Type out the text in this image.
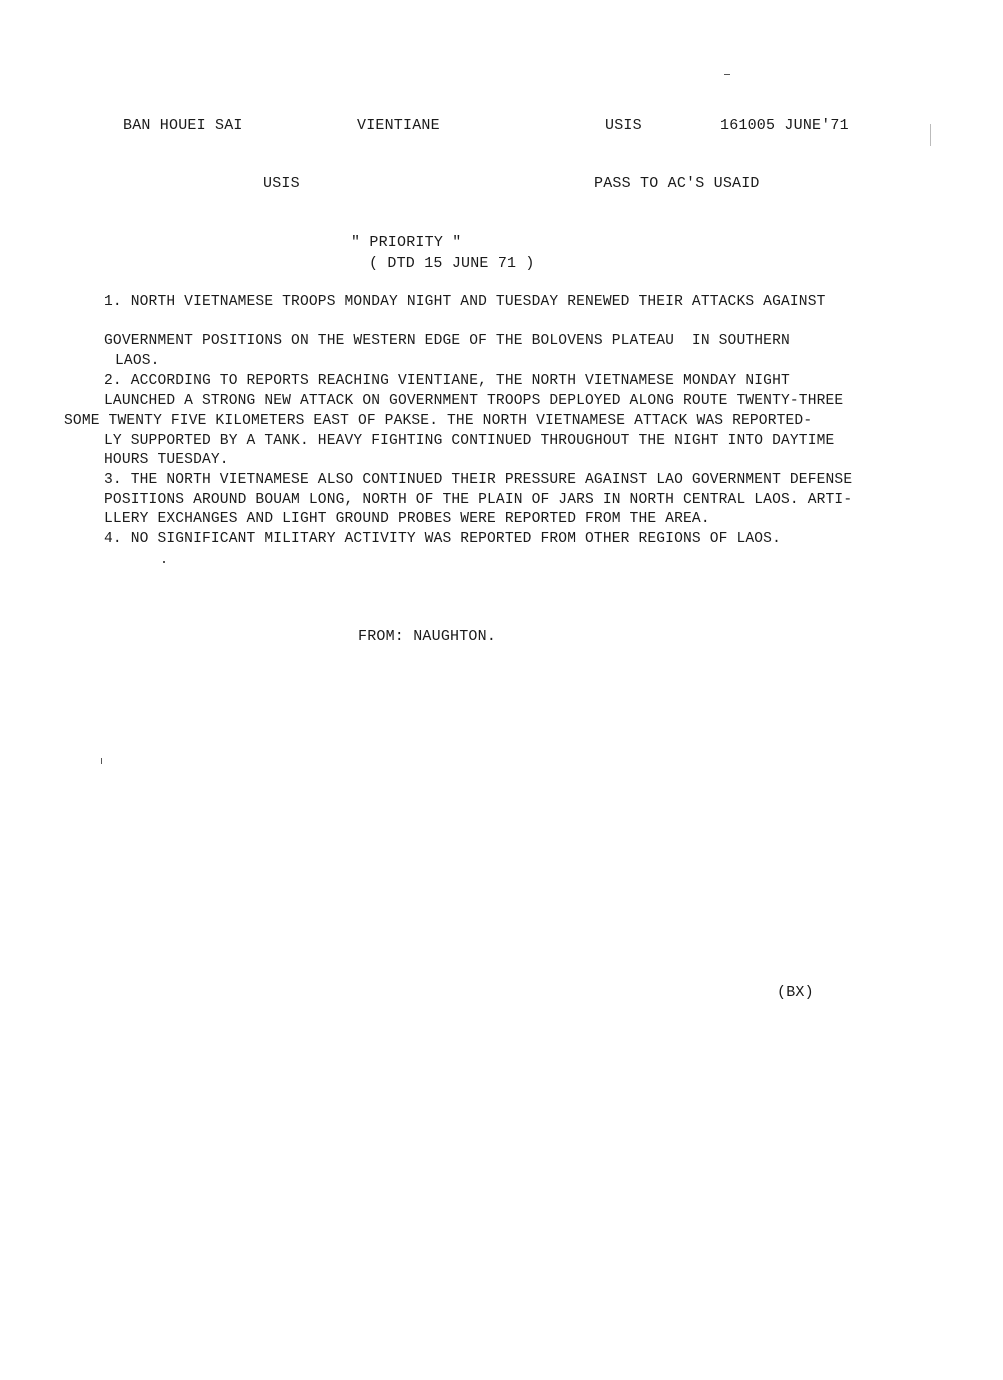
BAN HOUEI SAI	VIENTIANE	USIS	161005 JUNE'71
USIS	PASS TO AC'S USAID
" PRIORITY "
( DTD 15 JUNE 71 )
1. NORTH VIETNAMESE TROOPS MONDAY NIGHT AND TUESDAY RENEWED THEIR ATTACKS AGAINST
GOVERNMENT POSITIONS ON THE WESTERN EDGE OF THE BOLOVENS PLATEAU  IN SOUTHERN
LAOS.
2. ACCORDING TO REPORTS REACHING VIENTIANE, THE NORTH VIETNAMESE MONDAY NIGHT
LAUNCHED A STRONG NEW ATTACK ON GOVERNMENT TROOPS DEPLOYED ALONG ROUTE TWENTY-THREE
SOME TWENTY FIVE KILOMETERS EAST OF PAKSE. THE NORTH VIETNAMESE ATTACK WAS REPORTED-
LY SUPPORTED BY A TANK. HEAVY FIGHTING CONTINUED THROUGHOUT THE NIGHT INTO DAYTIME
HOURS TUESDAY.
3. THE NORTH VIETNAMESE ALSO CONTINUED THEIR PRESSURE AGAINST LAO GOVERNMENT DEFENSE
POSITIONS AROUND BOUAM LONG, NORTH OF THE PLAIN OF JARS IN NORTH CENTRAL LAOS. ARTI-
LLERY EXCHANGES AND LIGHT GROUND PROBES WERE REPORTED FROM THE AREA.
4. NO SIGNIFICANT MILITARY ACTIVITY WAS REPORTED FROM OTHER REGIONS OF LAOS.
FROM: NAUGHTON.
(BX)
